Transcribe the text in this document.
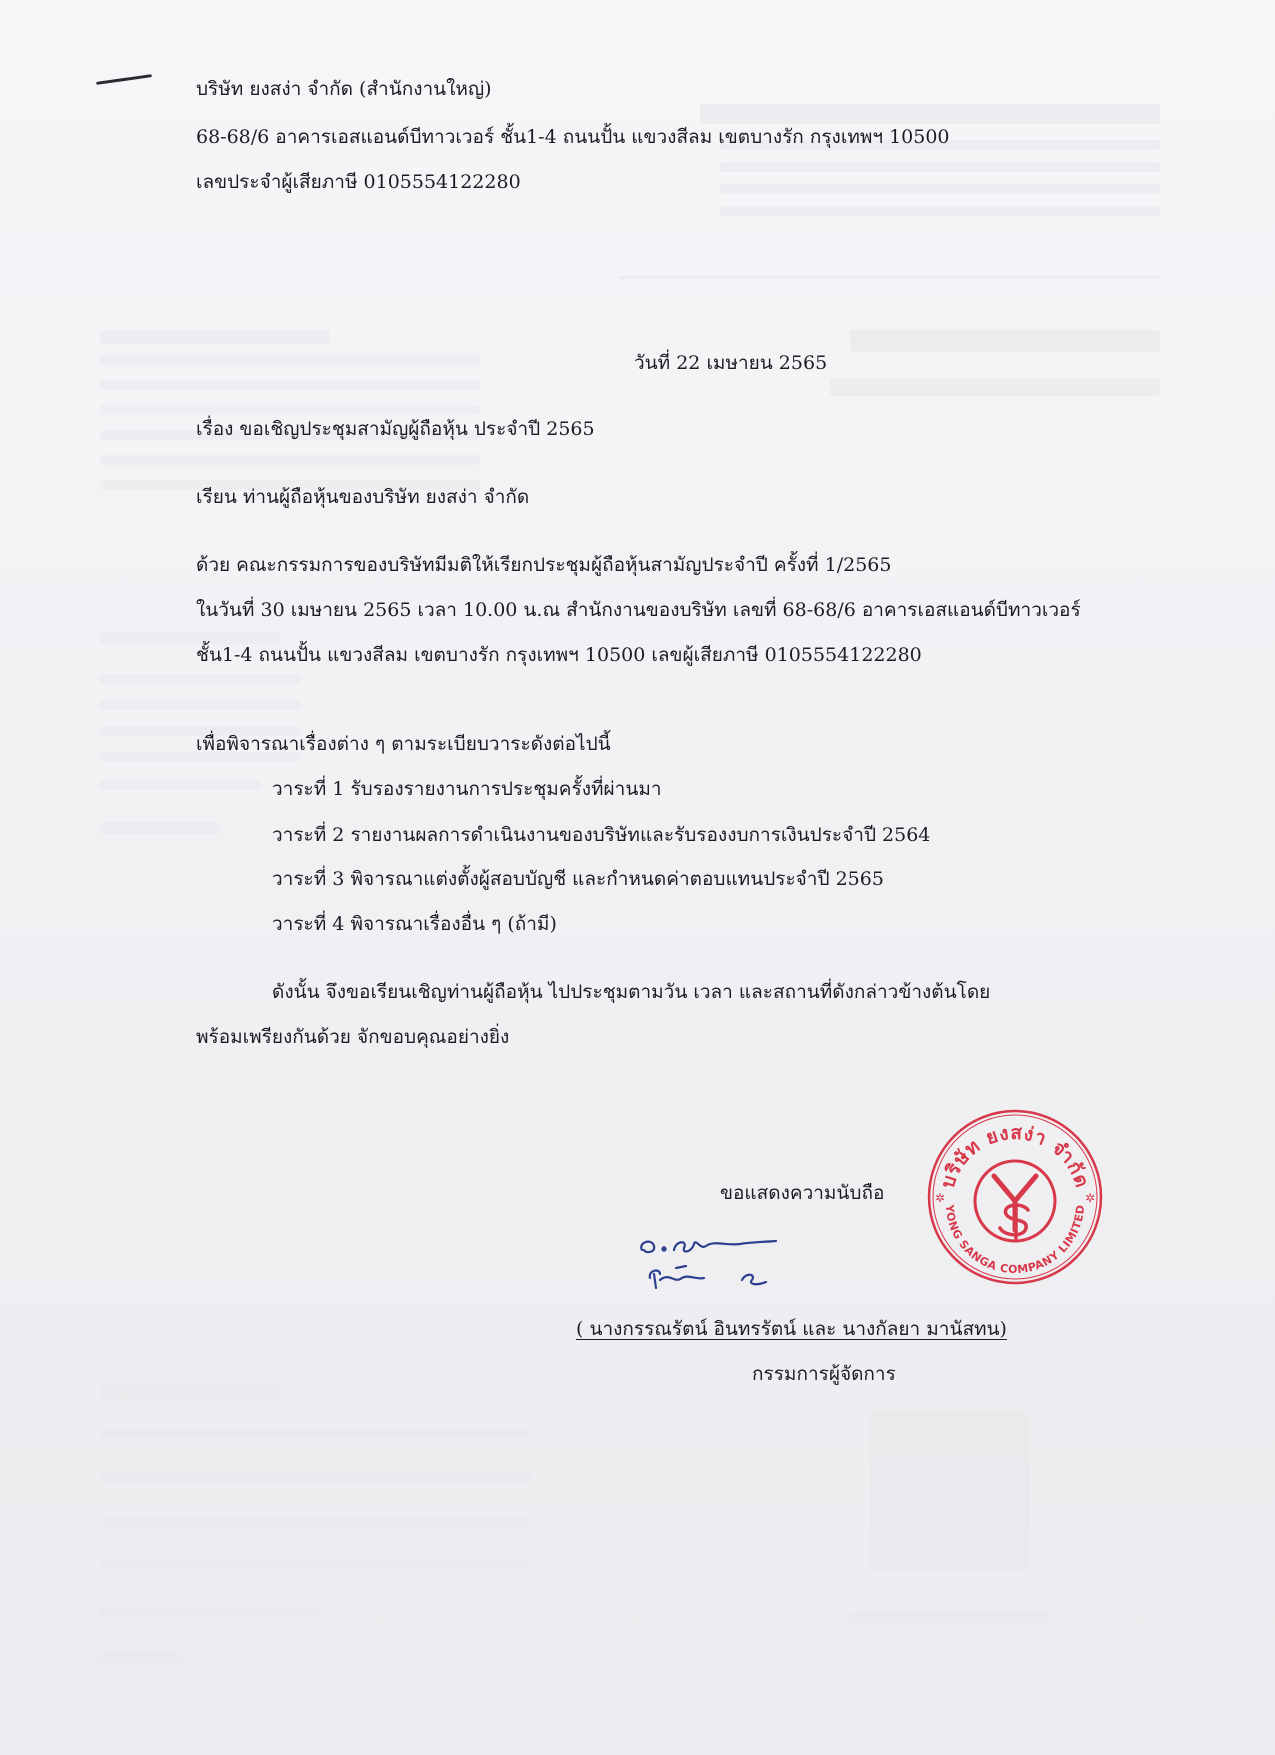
บริษัท ยงสง่า จำกัด (สำนักงานใหญ่)
68-68/6 อาคารเอสแอนด์บีทาวเวอร์ ชั้น1-4 ถนนปั้น แขวงสีลม เขตบางรัก กรุงเทพฯ 10500
เลขประจำผู้เสียภาษี 0105554122280
วันที่ 22 เมษายน 2565
เรื่อง ขอเชิญประชุมสามัญผู้ถือหุ้น ประจำปี 2565
เรียน ท่านผู้ถือหุ้นของบริษัท ยงสง่า จำกัด
ด้วย คณะกรรมการของบริษัทมีมติให้เรียกประชุมผู้ถือหุ้นสามัญประจำปี ครั้งที่ 1/2565
ในวันที่ 30 เมษายน 2565 เวลา 10.00 น.ณ สำนักงานของบริษัท เลขที่ 68-68/6 อาคารเอสแอนด์บีทาวเวอร์
ชั้น1-4 ถนนปั้น แขวงสีลม เขตบางรัก กรุงเทพฯ 10500 เลขผู้เสียภาษี 0105554122280
เพื่อพิจารณาเรื่องต่าง ๆ ตามระเบียบวาระดังต่อไปนี้
วาระที่ 1 รับรองรายงานการประชุมครั้งที่ผ่านมา
วาระที่ 2 รายงานผลการดำเนินงานของบริษัทและรับรองงบการเงินประจำปี 2564
วาระที่ 3 พิจารณาแต่งตั้งผู้สอบบัญชี และกำหนดค่าตอบแทนประจำปี 2565
วาระที่ 4 พิจารณาเรื่องอื่น ๆ (ถ้ามี)
ดังนั้น จึงขอเรียนเชิญท่านผู้ถือหุ้น ไปประชุมตามวัน เวลา และสถานที่ดังกล่าวข้างต้นโดย
พร้อมเพรียงกันด้วย จักขอบคุณอย่างยิ่ง
ขอแสดงความนับถือ
( นางกรรณรัตน์ อินทรรัตน์ และ นางกัลยา มานัสทน)
กรรมการผู้จัดการ
บริษัท ยงสง่า จำกัด
YONG SANGA COMPANY LIMITED
✲	✲
